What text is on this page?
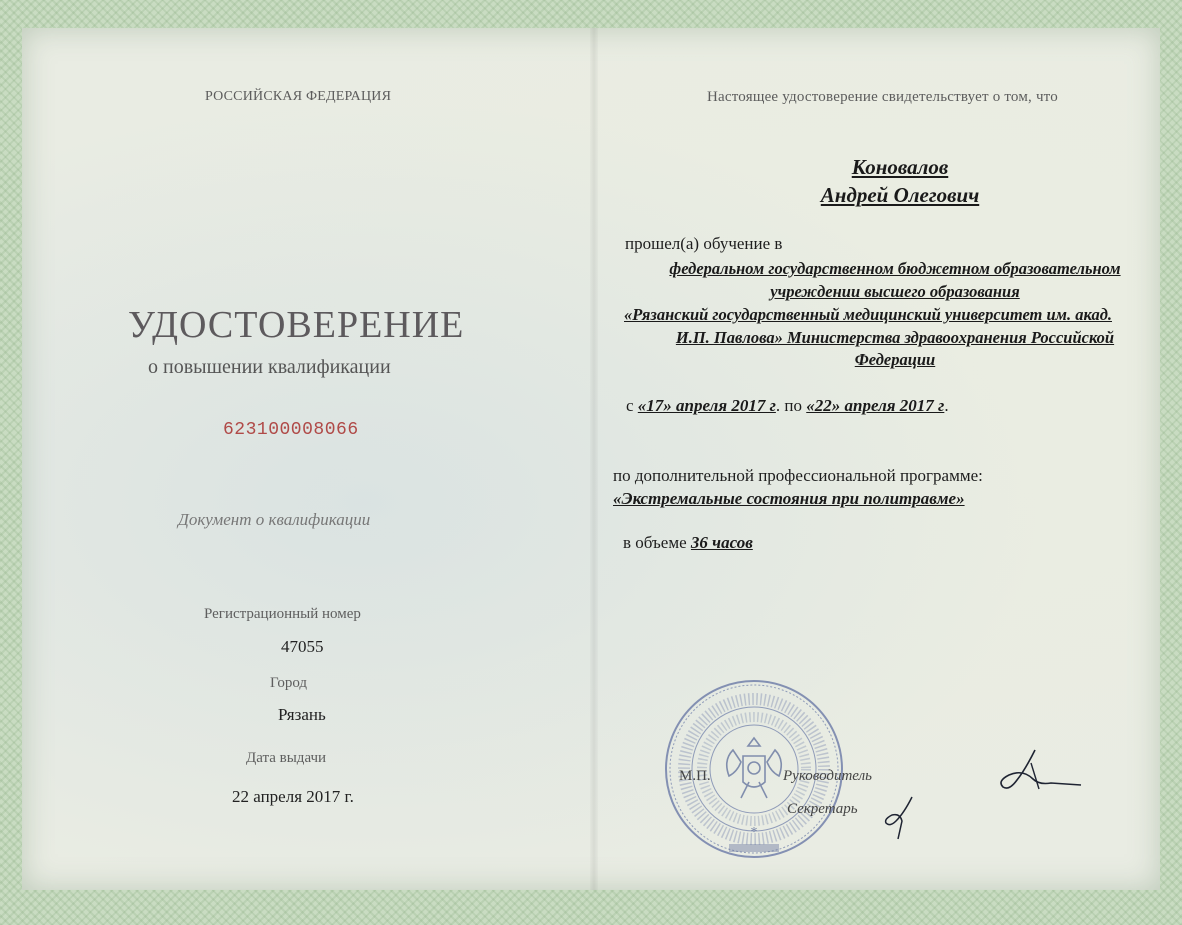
РОССИЙСКАЯ ФЕДЕРАЦИЯ
УДОСТОВЕРЕНИЕ
о повышении квалификации
623100008066
Документ о квалификации
Регистрационный номер
47055
Город
Рязань
Дата выдачи
22 апреля 2017 г.
Настоящее удостоверение свидетельствует о том, что
Коновалов
Андрей Олегович
прошел(а) обучение в
федеральном государственном бюджетном образовательном
учреждении высшего образования
«Рязанский государственный медицинский университет им. акад.
И.П. Павлова» Министерства здравоохранения Российской
Федерации
с «17» апреля 2017 г. по «22» апреля 2017 г.
по дополнительной профессиональной программе:
«Экстремальные состояния при политравме»
в объеме 36 часов
*
М.П.	Руководитель
Секретарь
